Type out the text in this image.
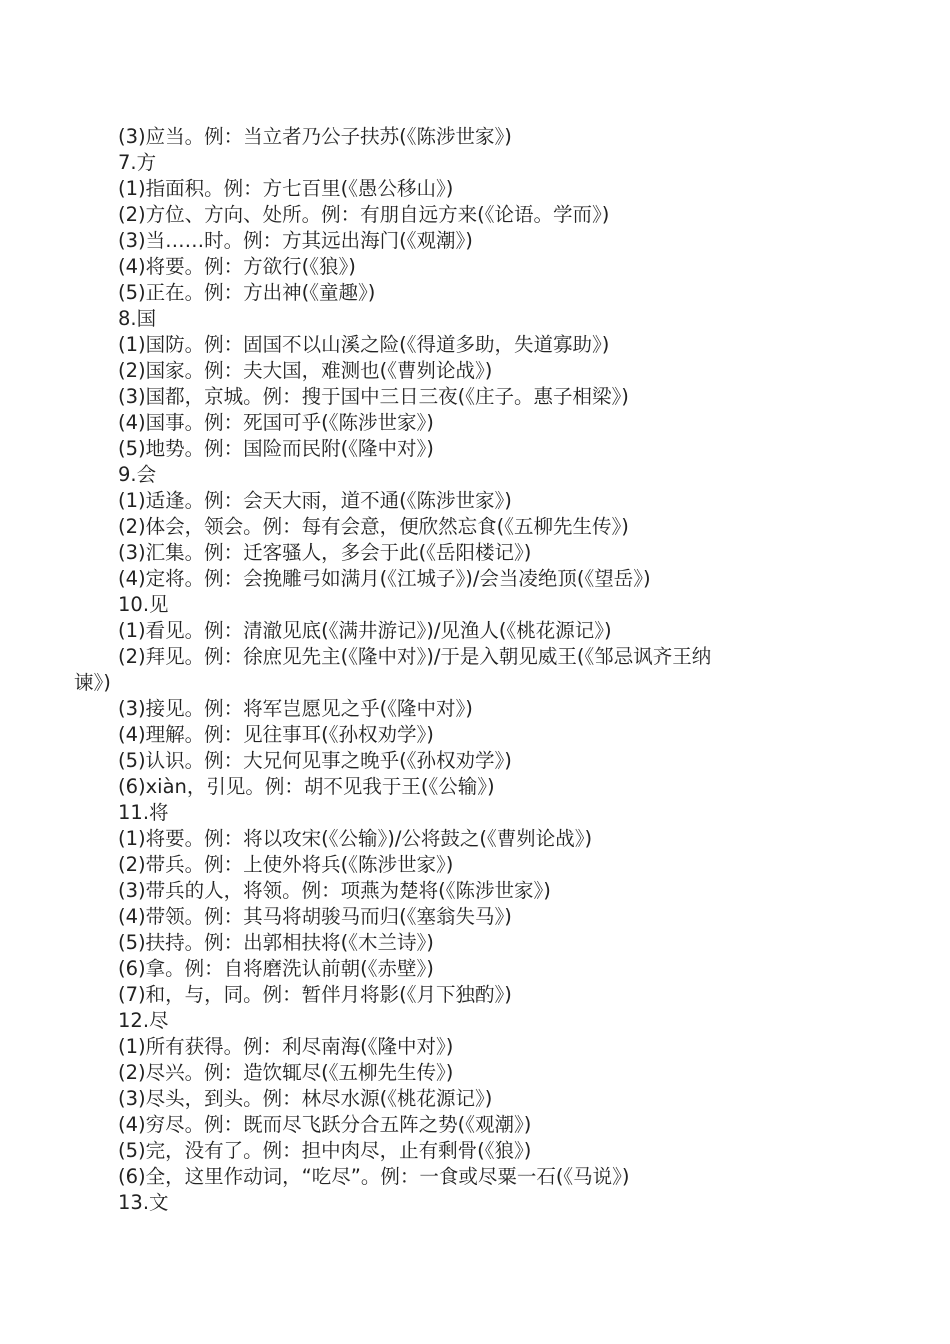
(3)应当。例：当立者乃公子扶苏(《陈涉世家》)
7.方
(1)指面积。例：方七百里(《愚公移山》)
(2)方位、方向、处所。例：有朋自远方来(《论语。学而》)
(3)当……时。例：方其远出海门(《观潮》)
(4)将要。例：方欲行(《狼》)
(5)正在。例：方出神(《童趣》)
8.国
(1)国防。例：固国不以山溪之险(《得道多助，失道寡助》)
(2)国家。例：夫大国，难测也(《曹刿论战》)
(3)国都，京城。例：搜于国中三日三夜(《庄子。惠子相梁》)
(4)国事。例：死国可乎(《陈涉世家》)
(5)地势。例：国险而民附(《隆中对》)
9.会
(1)适逢。例：会天大雨，道不通(《陈涉世家》)
(2)体会，领会。例：每有会意，便欣然忘食(《五柳先生传》)
(3)汇集。例：迁客骚人，多会于此(《岳阳楼记》)
(4)定将。例：会挽雕弓如满月(《江城子》)/会当凌绝顶(《望岳》)
10.见
(1)看见。例：清澈见底(《满井游记》)/见渔人(《桃花源记》)
(2)拜见。例：徐庶见先主(《隆中对》)/于是入朝见威王(《邹忌讽齐王纳
谏》)
(3)接见。例：将军岂愿见之乎(《隆中对》)
(4)理解。例：见往事耳(《孙权劝学》)
(5)认识。例：大兄何见事之晚乎(《孙权劝学》)
(6)xiàn，引见。例：胡不见我于王(《公输》)
11.将
(1)将要。例：将以攻宋(《公输》)/公将鼓之(《曹刿论战》)
(2)带兵。例：上使外将兵(《陈涉世家》)
(3)带兵的人，将领。例：项燕为楚将(《陈涉世家》)
(4)带领。例：其马将胡骏马而归(《塞翁失马》)
(5)扶持。例：出郭相扶将(《木兰诗》)
(6)拿。例：自将磨洗认前朝(《赤壁》)
(7)和，与，同。例：暂伴月将影(《月下独酌》)
12.尽
(1)所有获得。例：利尽南海(《隆中对》)
(2)尽兴。例：造饮辄尽(《五柳先生传》)
(3)尽头，到头。例：林尽水源(《桃花源记》)
(4)穷尽。例：既而尽飞跃分合五阵之势(《观潮》)
(5)完，没有了。例：担中肉尽，止有剩骨(《狼》)
(6)全，这里作动词，“吃尽”。例：一食或尽粟一石(《马说》)
13.文
